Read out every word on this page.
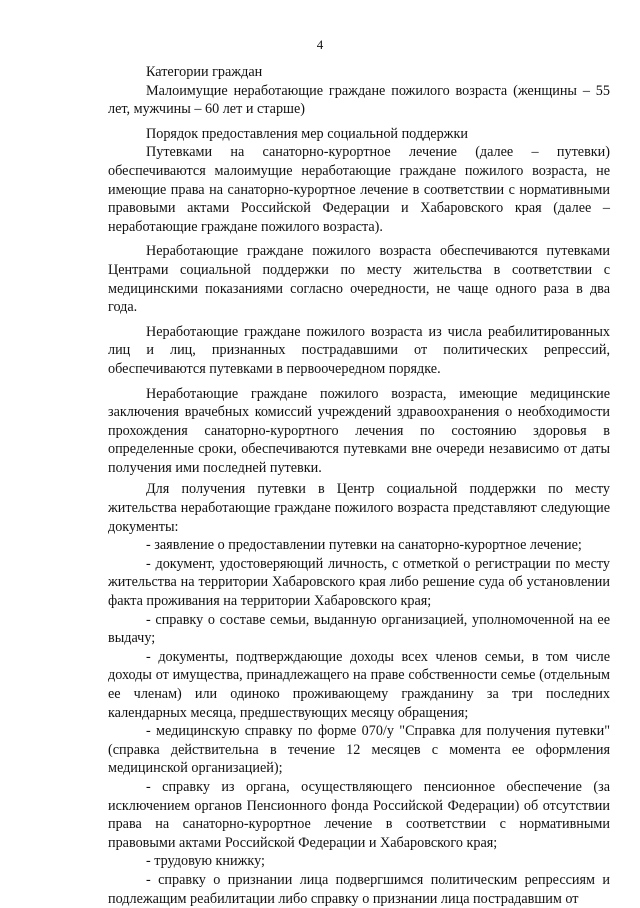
4

Категории граждан

Малоимущие неработающие граждане пожилого возраста (женщины – 55 лет, мужчины – 60 лет и старше)

Порядок предоставления мер социальной поддержки

Путевками на санаторно-курортное лечение (далее – путевки) обеспечиваются малоимущие неработающие граждане пожилого возраста, не имеющие права на санаторно-курортное лечение в соответствии с нормативными правовыми актами Российской Федерации и Хабаровского края (далее – неработающие граждане пожилого возраста).

Неработающие граждане пожилого возраста обеспечиваются путевками Центрами социальной поддержки по месту жительства в соответствии с медицинскими показаниями согласно очередности, не чаще одного раза в два года.

Неработающие граждане пожилого возраста из числа реабилитированных лиц и лиц, признанных пострадавшими от политических репрессий, обеспечиваются путевками в первоочередном порядке.

Неработающие граждане пожилого возраста, имеющие медицинские заключения врачебных комиссий учреждений здравоохранения о необходимости прохождения санаторно-курортного лечения по состоянию здоровья в определенные сроки, обеспечиваются путевками вне очереди независимо от даты получения ими последней путевки.

Для получения путевки в Центр социальной поддержки по месту жительства неработающие граждане пожилого возраста представляют следующие документы:

- заявление о предоставлении путевки на санаторно-курортное лечение;

- документ, удостоверяющий личность, с отметкой о регистрации по месту жительства на территории Хабаровского края либо решение суда об установлении факта проживания на территории Хабаровского края;

- справку о составе семьи, выданную организацией, уполномоченной на ее выдачу;

- документы, подтверждающие доходы всех членов семьи, в том числе доходы от имущества, принадлежащего на праве собственности семье (отдельным ее членам) или одиноко проживающему гражданину за три последних календарных месяца, предшествующих месяцу обращения;

- медицинскую справку по форме 070/у "Справка для получения путевки" (справка действительна в течение 12 месяцев с момента ее оформления медицинской организацией);

- справку из органа, осуществляющего пенсионное обеспечение (за исключением органов Пенсионного фонда Российской Федерации) об отсутствии права на санаторно-курортное лечение в соответствии с нормативными правовыми актами Российской Федерации и Хабаровского края;

- трудовую книжку;

- справку о признании лица подвергшимся политическим репрессиям и подлежащим реабилитации либо справку о признании лица пострадавшим от
